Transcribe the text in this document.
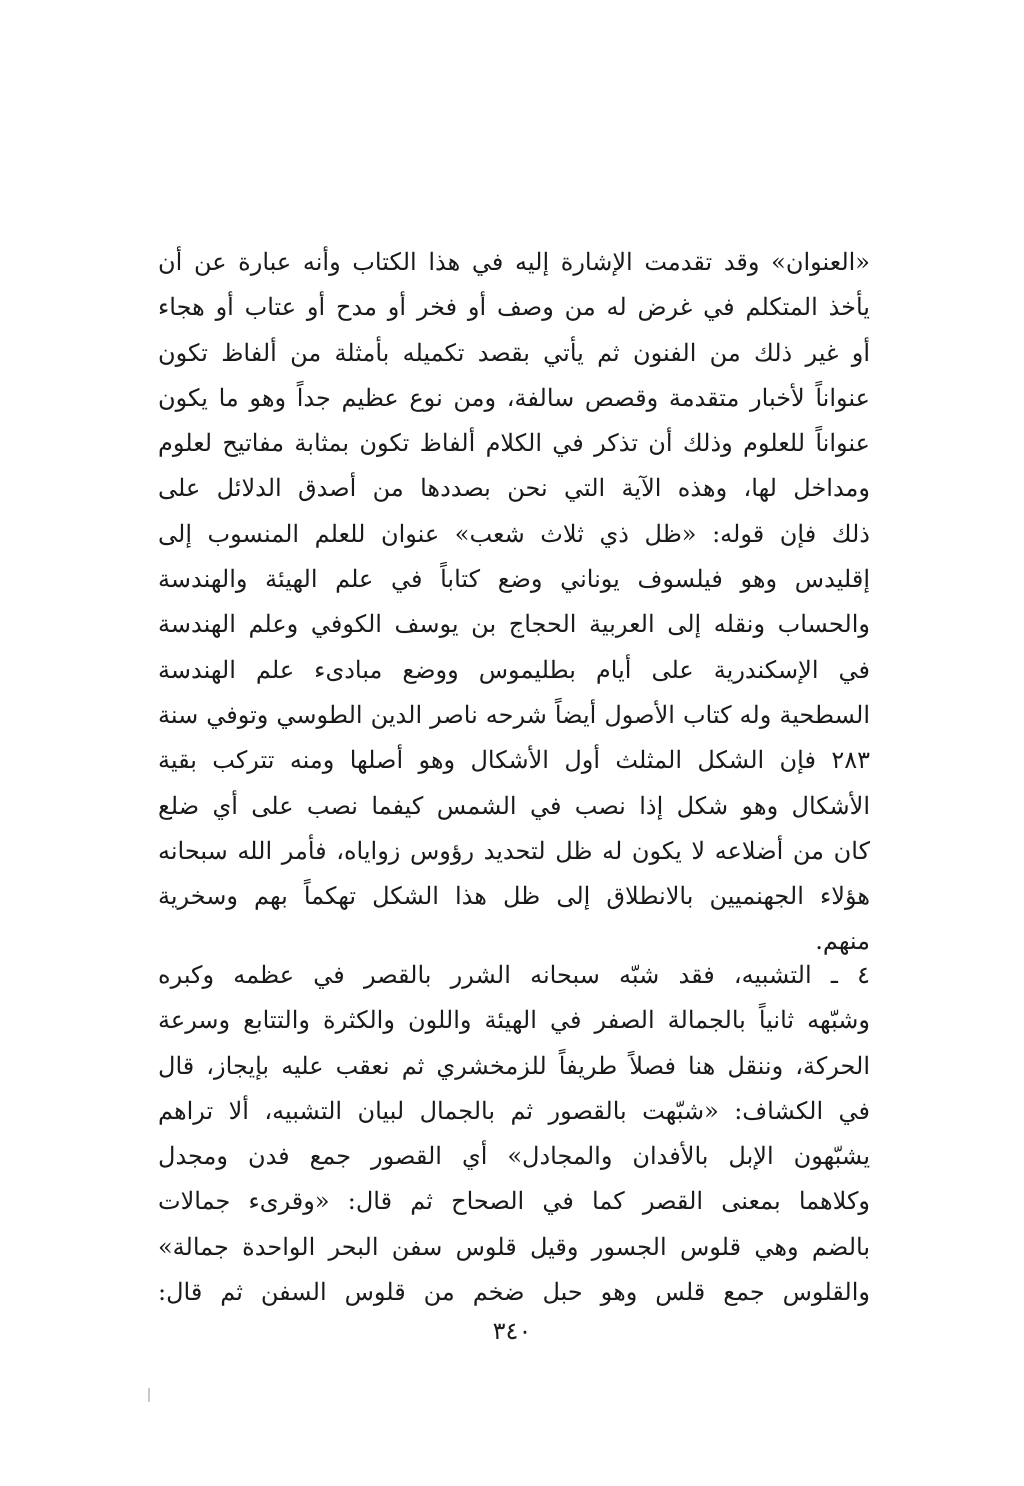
«العنوان» وقد تقدمت الإشارة إليه في هذا الكتاب وأنه عبارة عن أن
يأخذ المتكلم في غرض له من وصف أو فخر أو مدح أو عتاب أو هجاء
أو غير ذلك من الفنون ثم يأتي بقصد تكميله بأمثلة من ألفاظ تكون
عنواناً لأخبار متقدمة وقصص سالفة، ومن نوع عظيم جداً وهو ما يكون
عنواناً للعلوم وذلك أن تذكر في الكلام ألفاظ تكون بمثابة مفاتيح لعلوم
ومداخل لها، وهذه الآية التي نحن بصددها من أصدق الدلائل على
ذلك فإن قوله: «ظل ذي ثلاث شعب» عنوان للعلم المنسوب إلى
إقليدس وهو فيلسوف يوناني وضع كتاباً في علم الهيئة والهندسة
والحساب ونقله إلى العربية الحجاج بن يوسف الكوفي وعلم الهندسة
في الإسكندرية على أيام بطليموس ووضع مبادىء علم الهندسة
السطحية وله كتاب الأصول أيضاً شرحه ناصر الدين الطوسي وتوفي سنة
٢٨٣ فإن الشكل المثلث أول الأشكال وهو أصلها ومنه تتركب بقية
الأشكال وهو شكل إذا نصب في الشمس كيفما نصب على أي ضلع
كان من أضلاعه لا يكون له ظل لتحديد رؤوس زواياه، فأمر الله سبحانه
هؤلاء الجهنميين بالانطلاق إلى ظل هذا الشكل تهكماً بهم وسخرية
منهم.
٤ ـ التشبيه، فقد شبّه سبحانه الشرر بالقصر في عظمه وكبره
وشبّهه ثانياً بالجمالة الصفر في الهيئة واللون والكثرة والتتابع وسرعة
الحركة، وننقل هنا فصلاً طريفاً للزمخشري ثم نعقب عليه بإيجاز، قال
في الكشاف: «شبّهت بالقصور ثم بالجمال لبيان التشبيه، ألا تراهم
يشبّهون الإبل بالأفدان والمجادل» أي القصور جمع فدن ومجدل
وكلاهما بمعنى القصر كما في الصحاح ثم قال: «وقرىء جمالات
بالضم وهي قلوس الجسور وقيل قلوس سفن البحر الواحدة جمالة»
والقلوس جمع قلس وهو حبل ضخم من قلوس السفن ثم قال:
٣٤٠
